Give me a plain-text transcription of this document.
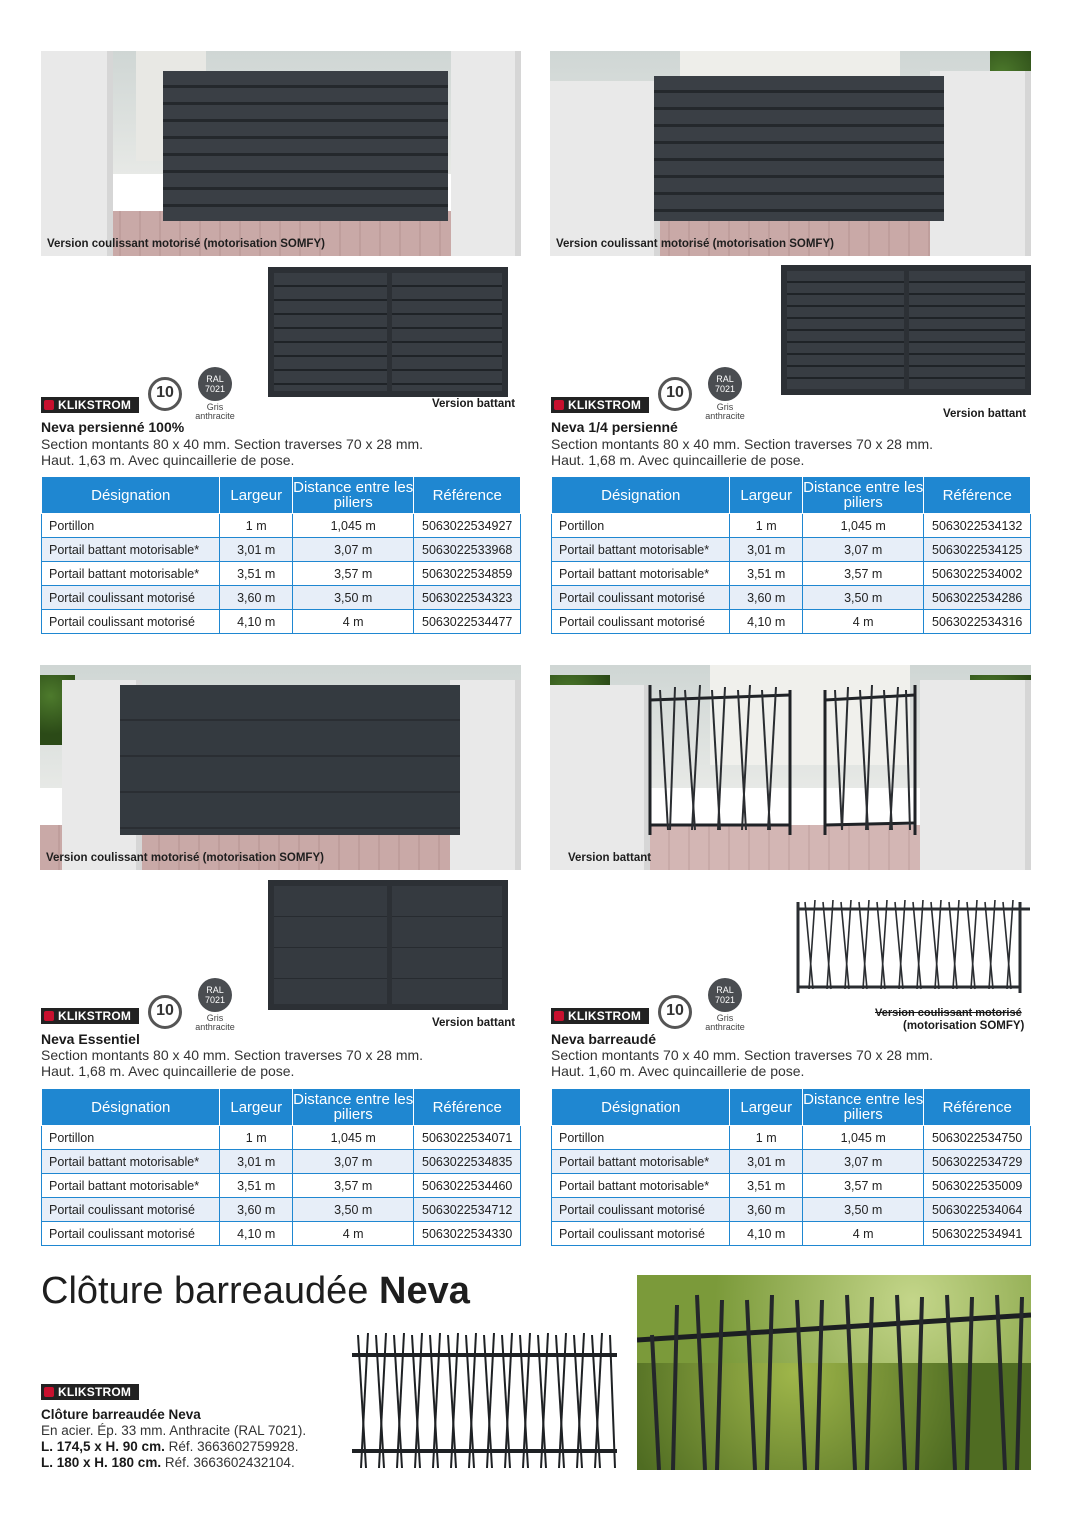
Version coulissant motorisé (motorisation SOMFY)
Version battant
KLIKSTROM
10
RAL
7021
Gris
anthracite
Neva persienné 100%
Section montants 80 x 40 mm. Section traverses 70 x 28 mm.
Haut. 1,63 m. Avec quincaillerie de pose.
Désignation	Largeur	Distance entre les piliers	Référence
Portillon	1 m	1,045 m	5063022534927
Portail battant motorisable*	3,01 m	3,07 m	5063022533968
Portail battant motorisable*	3,51 m	3,57 m	5063022534859
Portail coulissant motorisé	3,60 m	3,50 m	5063022534323
Portail coulissant motorisé	4,10 m	4 m	5063022534477
Version coulissant motorisé (motorisation SOMFY)
Version battant
KLIKSTROM
10
RAL
7021
Gris
anthracite
Neva 1/4 persienné
Section montants 80 x 40 mm. Section traverses 70 x 28 mm.
Haut. 1,68 m. Avec quincaillerie de pose.
Désignation	Largeur	Distance entre les piliers	Référence
Portillon	1 m	1,045 m	5063022534132
Portail battant motorisable*	3,01 m	3,07 m	5063022534125
Portail battant motorisable*	3,51 m	3,57 m	5063022534002
Portail coulissant motorisé	3,60 m	3,50 m	5063022534286
Portail coulissant motorisé	4,10 m	4 m	5063022534316
Version coulissant motorisé (motorisation SOMFY)
Version battant
KLIKSTROM	10
RAL
7021
Gris
anthracite
Neva Essentiel
Section montants 80 x 40 mm. Section traverses 70 x 28 mm.
Haut. 1,68 m. Avec quincaillerie de pose.
Désignation	Largeur	Distance entre les piliers	Référence
Portillon	1 m	1,045 m	5063022534071
Portail battant motorisable*	3,01 m	3,07 m	5063022534835
Portail battant motorisable*	3,51 m	3,57 m	5063022534460
Portail coulissant motorisé	3,60 m	3,50 m	5063022534712
Portail coulissant motorisé	4,10 m	4 m	5063022534330
Version battant
Version coulissant motorisé
(motorisation SOMFY)
KLIKSTROM	10
RAL
7021
Gris
anthracite
Neva barreaudé
Section montants 70 x 40 mm. Section traverses 70 x 28 mm.
Haut. 1,60 m. Avec quincaillerie de pose.
Désignation	Largeur	Distance entre les piliers	Référence
Portillon	1 m	1,045 m	5063022534750
Portail battant motorisable*	3,01 m	3,07 m	5063022534729
Portail battant motorisable*	3,51 m	3,57 m	5063022535009
Portail coulissant motorisé	3,60 m	3,50 m	5063022534064
Portail coulissant motorisé	4,10 m	4 m	5063022534941
Clôture barreaudée Neva
KLIKSTROM
Clôture barreaudée Neva
En acier. Ép. 33 mm. Anthracite (RAL 7021).
L. 174,5 x H. 90 cm. Réf. 3663602759928.
L. 180 x H. 180 cm. Réf. 3663602432104.
